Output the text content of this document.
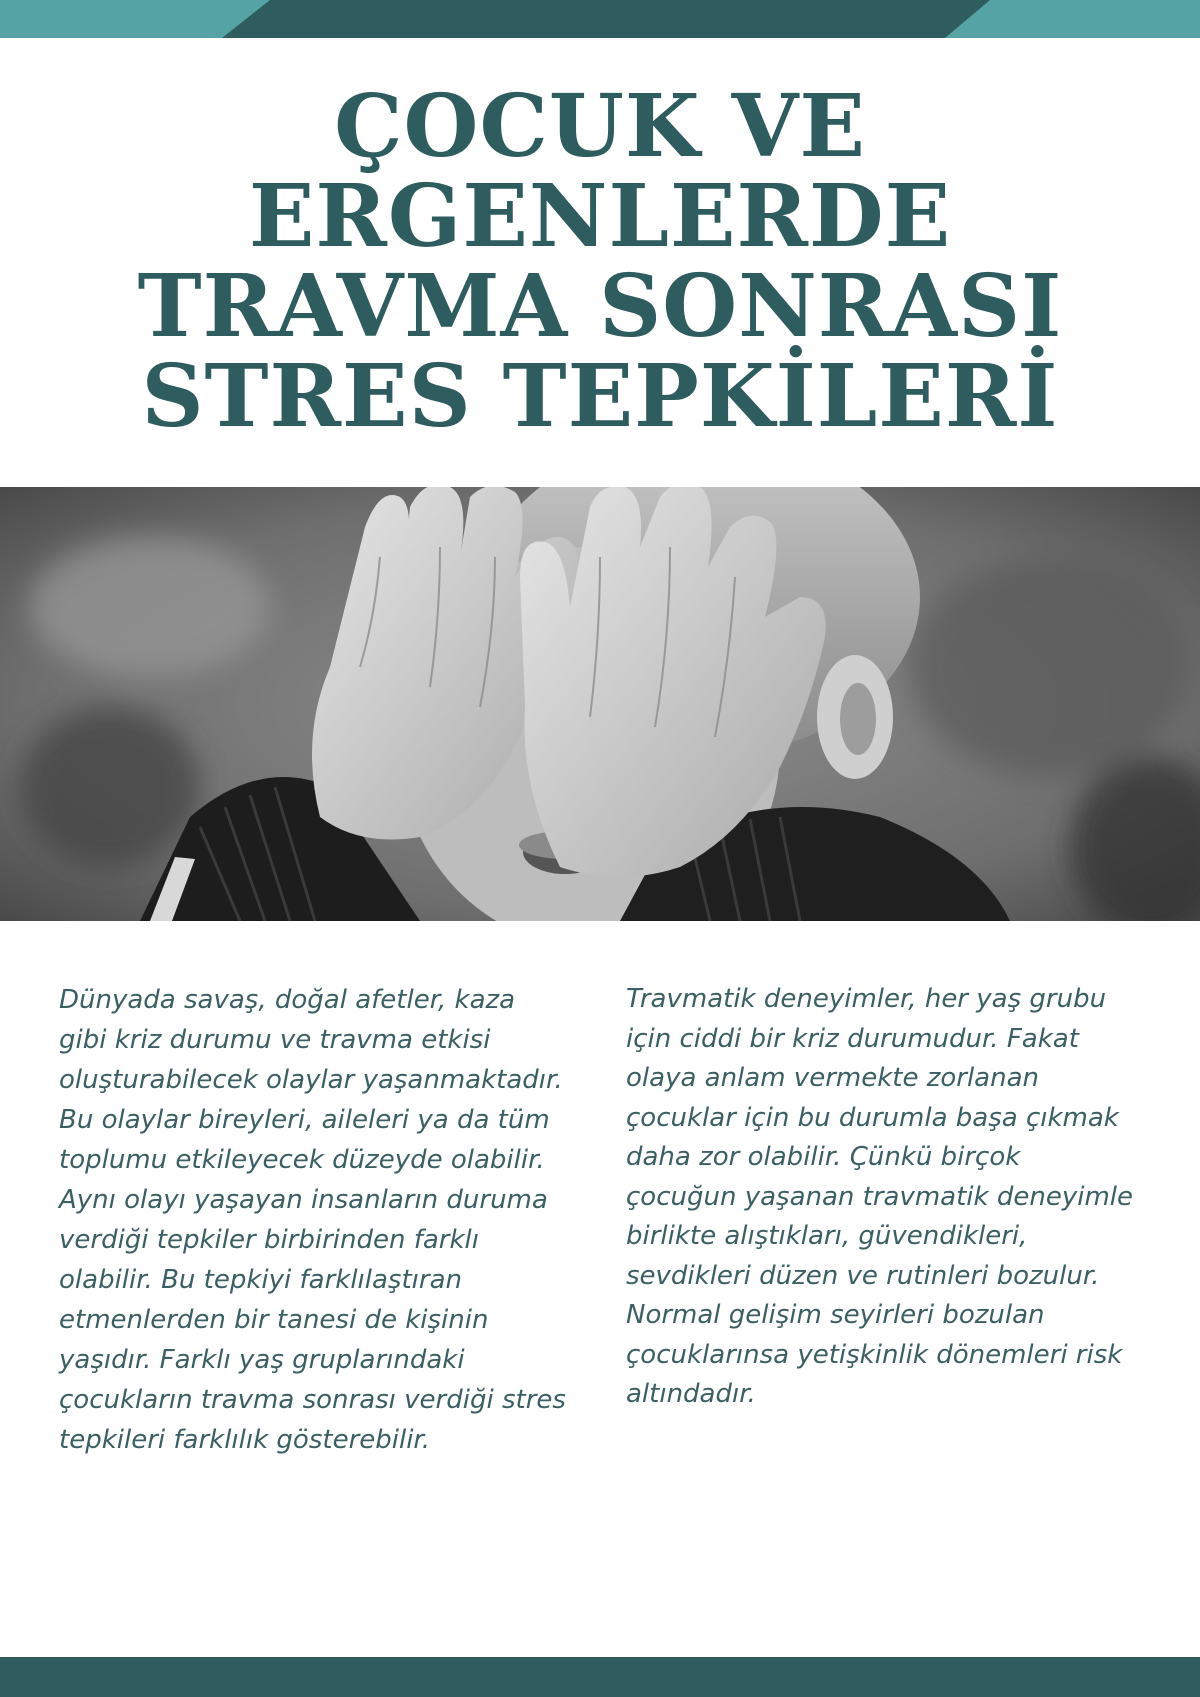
ÇOCUK VE
ERGENLERDE
TRAVMA SONRASI
STRES TEPKİLERİ

Dünyada savaş, doğal afetler, kaza
gibi kriz durumu ve travma etkisi
oluşturabilecek olaylar yaşanmaktadır.
Bu olaylar bireyleri, aileleri ya da tüm
toplumu etkileyecek düzeyde olabilir.
Aynı olayı yaşayan insanların duruma
verdiği tepkiler birbirinden farklı
olabilir. Bu tepkiyi farklılaştıran
etmenlerden bir tanesi de kişinin
yaşıdır. Farklı yaş gruplarındaki
çocukların travma sonrası verdiği stres
tepkileri farklılık gösterebilir.

Travmatik deneyimler, her yaş grubu
için ciddi bir kriz durumudur. Fakat
olaya anlam vermekte zorlanan
çocuklar için bu durumla başa çıkmak
daha zor olabilir. Çünkü birçok
çocuğun yaşanan travmatik deneyimle
birlikte alıştıkları, güvendikleri,
sevdikleri düzen ve rutinleri bozulur.
Normal gelişim seyirleri bozulan
çocuklarınsa yetişkinlik dönemleri risk
altındadır.
